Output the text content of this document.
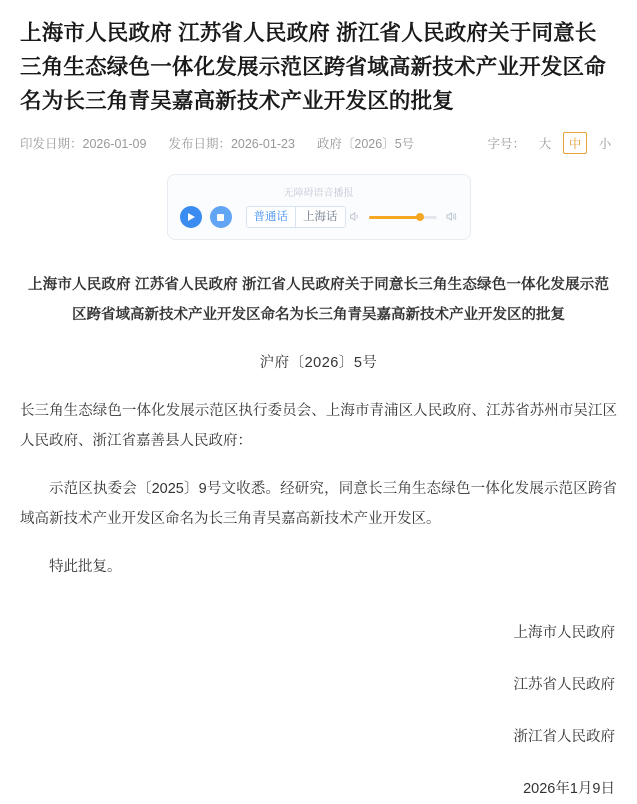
上海市人民政府 江苏省人民政府 浙江省人民政府关于同意长三角生态绿色一体化发展示范区跨省域高新技术产业开发区命名为长三角青吴嘉高新技术产业开发区的批复
印发日期：2026-01-09 发布日期：2026-01-23 政府〔2026〕5号	字号：	大	中	小
无障碍语音播报
普通话	上海话
上海市人民政府 江苏省人民政府 浙江省人民政府关于同意长三角生态绿色一体化发展示范区跨省域高新技术产业开发区命名为长三角青吴嘉高新技术产业开发区的批复
沪府〔2026〕5号

长三角生态绿色一体化发展示范区执行委员会、上海市青浦区人民政府、江苏省苏州市吴江区人民政府、浙江省嘉善县人民政府：

示范区执委会〔2025〕9号文收悉。经研究，同意长三角生态绿色一体化发展示范区跨省域高新技术产业开发区命名为长三角青吴嘉高新技术产业开发区。

特此批复。

上海市人民政府
江苏省人民政府
浙江省人民政府
2026年1月9日
